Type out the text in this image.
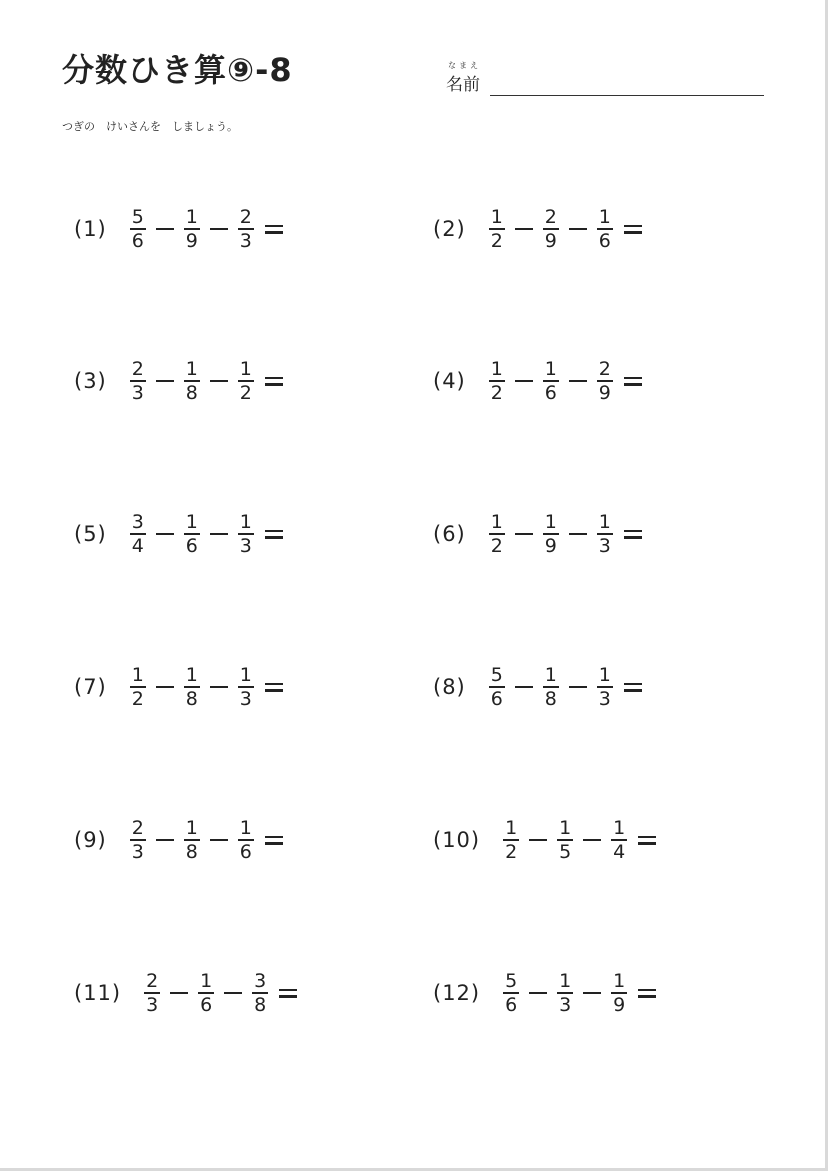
分数ひき算⑨-8	なまえ
名前
つぎの　けいさんを　しましょう。
$(1) \frac{5}{6} \frac{1}{9} \frac{2}{3}$	$(2) \frac{1}{2} \frac{2}{9} \frac{1}{6}$
$(3) \frac{2}{3} \frac{1}{8} \frac{1}{2}$	$(4) \frac{1}{2} \frac{1}{6} \frac{2}{9}$
$(5) \frac{3}{4} \frac{1}{6} \frac{1}{3}$	$(6) \frac{1}{2} \frac{1}{9} \frac{1}{3}$
$(7) \frac{1}{2} \frac{1}{8} \frac{1}{3}$	$(8) \frac{5}{6} \frac{1}{8} \frac{1}{3}$
$(9) \frac{2}{3} \frac{1}{8} \frac{1}{6}$	$(10) \frac{1}{2} \frac{1}{5} \frac{1}{4}$
$(11) \frac{2}{3} \frac{1}{6} \frac{3}{8}$	$(12) \frac{5}{6} \frac{1}{3} \frac{1}{9}$
